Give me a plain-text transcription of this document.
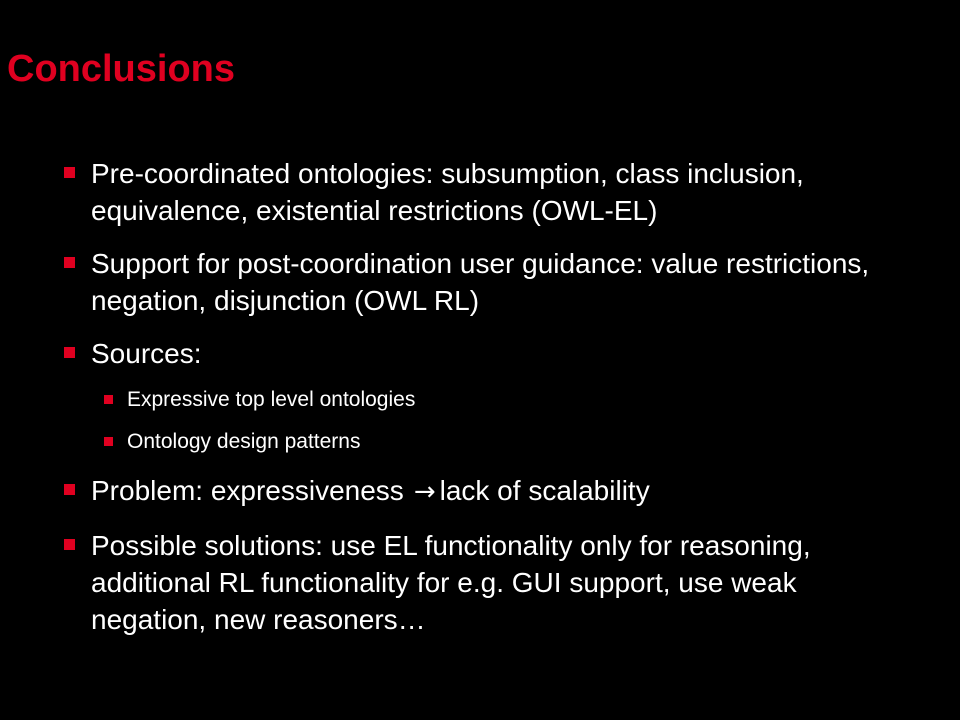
Conclusions
Pre-coordinated ontologies: subsumption, class inclusion, equivalence, existential restrictions (OWL-EL)
Support for post-coordination user guidance: value restrictions, negation, disjunction (OWL RL)
Sources:
Expressive top level ontologies
Ontology design patterns
Problem: expressiveness → lack of scalability
Possible solutions: use EL functionality only for reasoning, additional RL functionality for e.g. GUI support, use weak negation, new reasoners…
